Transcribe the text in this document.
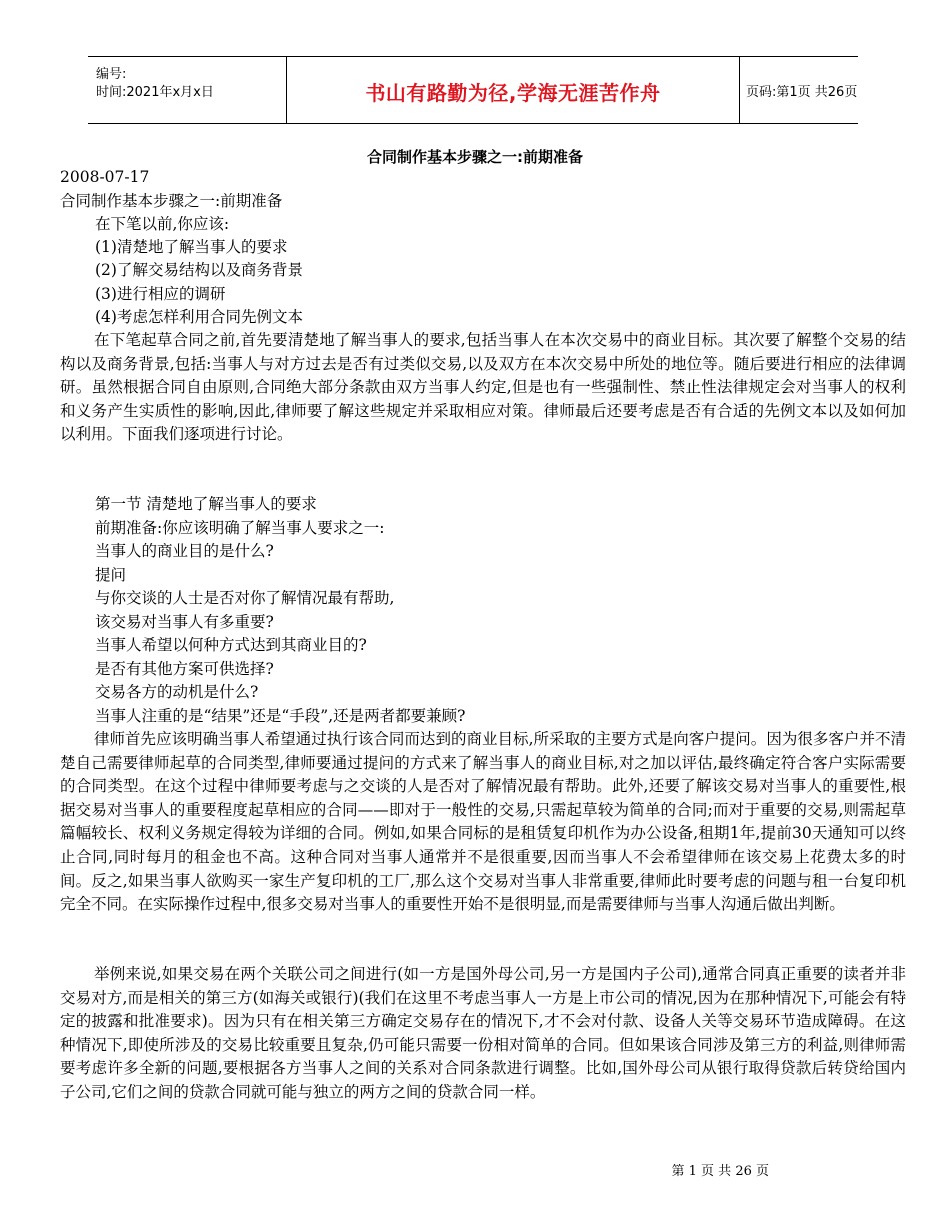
编号:
时间:2021年x月x日	书山有路勤为径,学海无涯苦作舟	页码:第1页 共26页
合同制作基本步骤之一:前期准备
2008-07-17
合同制作基本步骤之一:前期准备
在下笔以前,你应该:
(1)清楚地了解当事人的要求
(2)了解交易结构以及商务背景
(3)进行相应的调研
(4)考虑怎样利用合同先例文本
在下笔起草合同之前,首先要清楚地了解当事人的要求,包括当事人在本次交易中的商业目标。其次要了解整个交易的结构以及商务背景,包括:当事人与对方过去是否有过类似交易,以及双方在本次交易中所处的地位等。随后要进行相应的法律调研。虽然根据合同自由原则,合同绝大部分条款由双方当事人约定,但是也有一些强制性、禁止性法律规定会对当事人的权利和义务产生实质性的影响,因此,律师要了解这些规定并采取相应对策。律师最后还要考虑是否有合适的先例文本以及如何加以利用。下面我们逐项进行讨论。
第一节 清楚地了解当事人的要求
前期准备:你应该明确了解当事人要求之一:
当事人的商业目的是什么?
提问
与你交谈的人士是否对你了解情况最有帮助,
该交易对当事人有多重要?
当事人希望以何种方式达到其商业目的?
是否有其他方案可供选择?
交易各方的动机是什么?
当事人注重的是“结果”还是“手段”,还是两者都要兼顾?
律师首先应该明确当事人希望通过执行该合同而达到的商业目标,所采取的主要方式是向客户提问。因为很多客户并不清楚自己需要律师起草的合同类型,律师要通过提问的方式来了解当事人的商业目标,对之加以评估,最终确定符合客户实际需要的合同类型。在这个过程中律师要考虑与之交谈的人是否对了解情况最有帮助。此外,还要了解该交易对当事人的重要性,根据交易对当事人的重要程度起草相应的合同——即对于一般性的交易,只需起草较为简单的合同;而对于重要的交易,则需起草篇幅较长、权利义务规定得较为详细的合同。例如,如果合同标的是租赁复印机作为办公设备,租期1年,提前30天通知可以终止合同,同时每月的租金也不高。这种合同对当事人通常并不是很重要,因而当事人不会希望律师在该交易上花费太多的时间。反之,如果当事人欲购买一家生产复印机的工厂,那么这个交易对当事人非常重要,律师此时要考虑的问题与租一台复印机完全不同。在实际操作过程中,很多交易对当事人的重要性开始不是很明显,而是需要律师与当事人沟通后做出判断。
举例来说,如果交易在两个关联公司之间进行(如一方是国外母公司,另一方是国内子公司),通常合同真正重要的读者并非交易对方,而是相关的第三方(如海关或银行)(我们在这里不考虑当事人一方是上市公司的情况,因为在那种情况下,可能会有特定的披露和批准要求)。因为只有在相关第三方确定交易存在的情况下,才不会对付款、设备人关等交易环节造成障碍。在这种情况下,即使所涉及的交易比较重要且复杂,仍可能只需要一份相对简单的合同。但如果该合同涉及第三方的利益,则律师需要考虑许多全新的问题,要根据各方当事人之间的关系对合同条款进行调整。比如,国外母公司从银行取得贷款后转贷给国内子公司,它们之间的贷款合同就可能与独立的两方之间的贷款合同一样。
第 1 页 共 26 页
